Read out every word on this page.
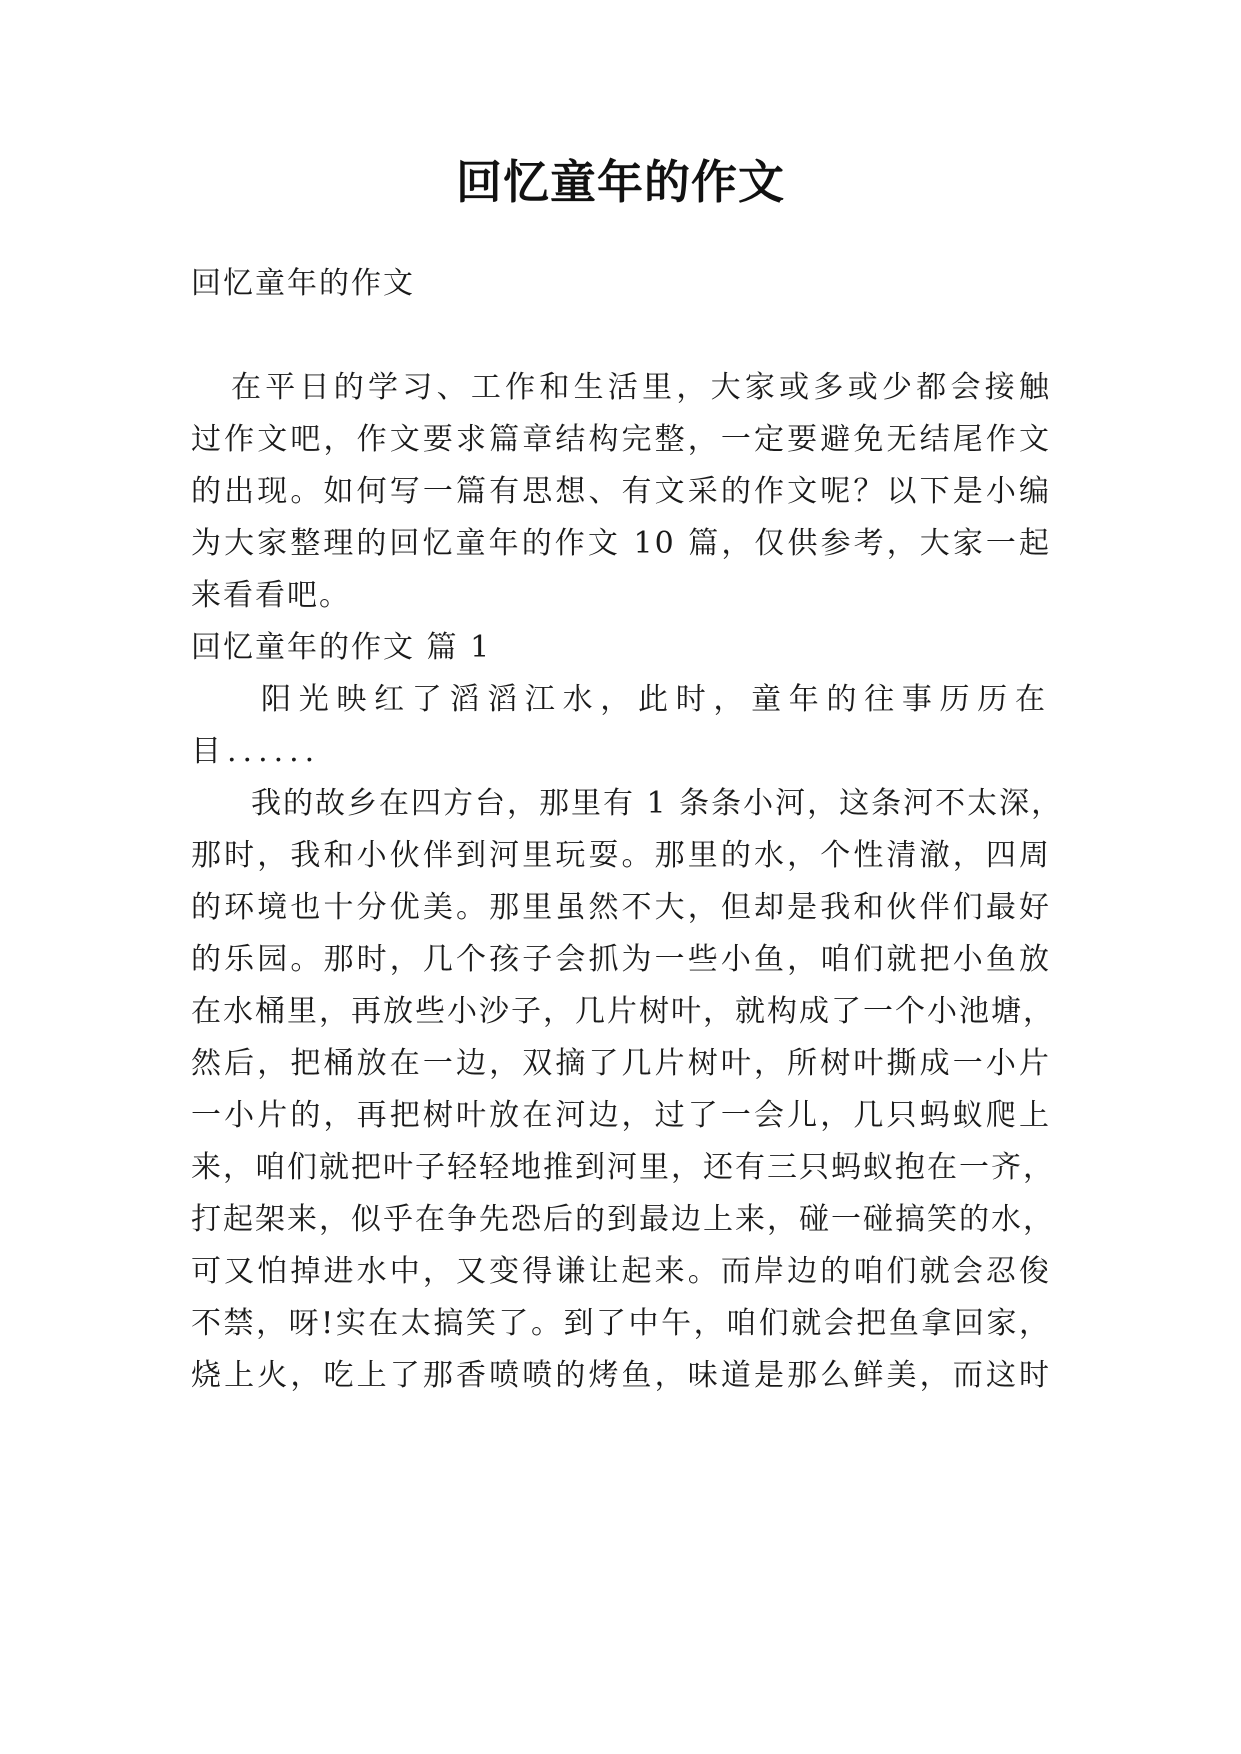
回忆童年的作文

回忆童年的作文

在平日的学习、工作和生活里，大家或多或少都会接触

过作文吧，作文要求篇章结构完整，一定要避免无结尾作文

的出现。如何写一篇有思想、有文采的作文呢？以下是小编

为大家整理的回忆童年的作文 10 篇，仅供参考，大家一起

来看看吧。

回忆童年的作文 篇 1

阳光映红了滔滔江水，此时，童年的往事历历在

目......

我的故乡在四方台，那里有 1 条条小河，这条河不太深，

那时，我和小伙伴到河里玩耍。那里的水，个性清澈，四周

的环境也十分优美。那里虽然不大，但却是我和伙伴们最好

的乐园。那时，几个孩子会抓为一些小鱼，咱们就把小鱼放

在水桶里，再放些小沙子，几片树叶，就构成了一个小池塘，

然后，把桶放在一边，双摘了几片树叶，所树叶撕成一小片

一小片的，再把树叶放在河边，过了一会儿，几只蚂蚁爬上

来，咱们就把叶子轻轻地推到河里，还有三只蚂蚁抱在一齐，

打起架来，似乎在争先恐后的到最边上来，碰一碰搞笑的水，

可又怕掉进水中，又变得谦让起来。而岸边的咱们就会忍俊

不禁，呀!实在太搞笑了。到了中午，咱们就会把鱼拿回家，

烧上火，吃上了那香喷喷的烤鱼，味道是那么鲜美，而这时
